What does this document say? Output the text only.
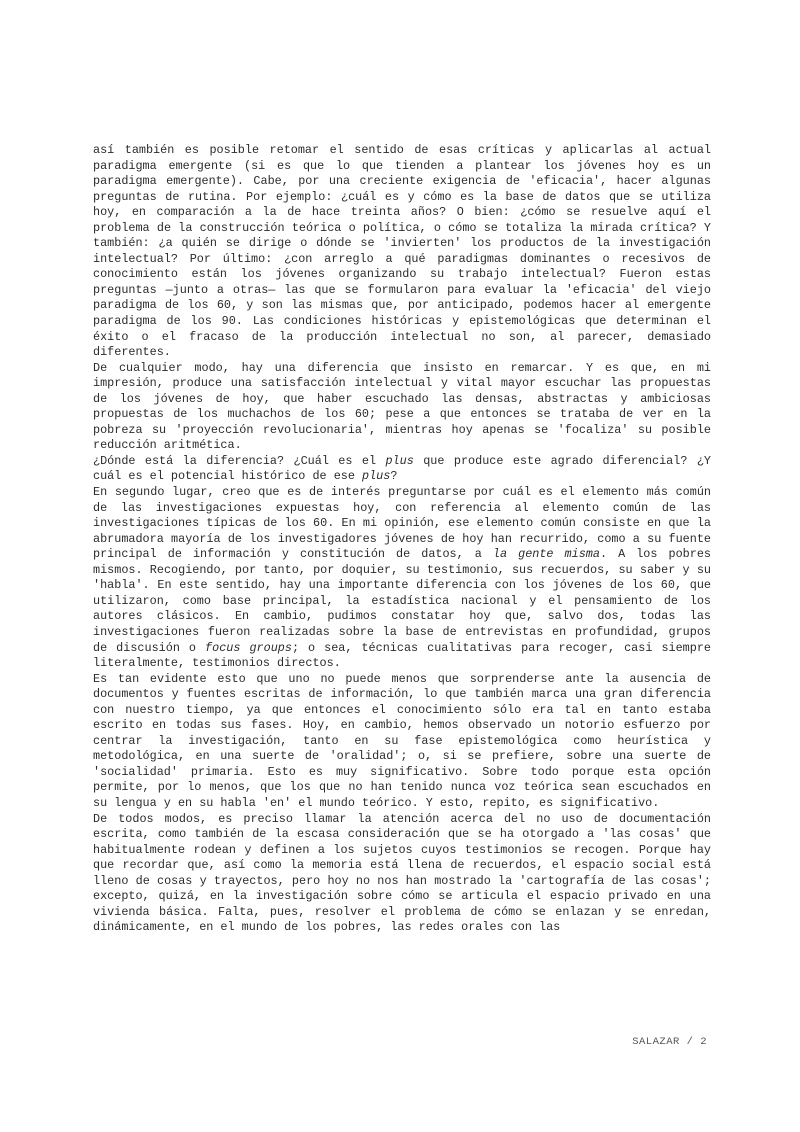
así también es posible retomar el sentido de esas críticas y aplicarlas al actual paradigma emergente (si es que lo que tienden a plantear los jóvenes hoy es un paradigma emergente). Cabe, por una creciente exigencia de 'eficacia', hacer algunas preguntas de rutina. Por ejemplo: ¿cuál es y cómo es la base de datos que se utiliza hoy, en comparación a la de hace treinta años? O bien: ¿cómo se resuelve aquí el problema de la construcción teórica o política, o cómo se totaliza la mirada crítica? Y también: ¿a quién se dirige o dónde se 'invierten' los productos de la investigación intelectual? Por último: ¿con arreglo a qué paradigmas dominantes o recesivos de conocimiento están los jóvenes organizando su trabajo intelectual? Fueron estas preguntas —junto a otras— las que se formularon para evaluar la 'eficacia' del viejo paradigma de los 60, y son las mismas que, por anticipado, podemos hacer al emergente paradigma de los 90. Las condiciones históricas y epistemológicas que determinan el éxito o el fracaso de la producción intelectual no son, al parecer, demasiado diferentes.

De cualquier modo, hay una diferencia que insisto en remarcar. Y es que, en mi impresión, produce una satisfacción intelectual y vital mayor escuchar las propuestas de los jóvenes de hoy, que haber escuchado las densas, abstractas y ambiciosas propuestas de los muchachos de los 60; pese a que entonces se trataba de ver en la pobreza su 'proyección revolucionaria', mientras hoy apenas se 'focaliza' su posible reducción aritmética.

¿Dónde está la diferencia? ¿Cuál es el plus que produce este agrado diferencial? ¿Y cuál es el potencial histórico de ese plus?

En segundo lugar, creo que es de interés preguntarse por cuál es el elemento más común de las investigaciones expuestas hoy, con referencia al elemento común de las investigaciones típicas de los 60. En mi opinión, ese elemento común consiste en que la abrumadora mayoría de los investigadores jóvenes de hoy han recurrido, como a su fuente principal de información y constitución de datos, a la gente misma. A los pobres mismos. Recogiendo, por tanto, por doquier, su testimonio, sus recuerdos, su saber y su 'habla'. En este sentido, hay una importante diferencia con los jóvenes de los 60, que utilizaron, como base principal, la estadística nacional y el pensamiento de los autores clásicos. En cambio, pudimos constatar hoy que, salvo dos, todas las investigaciones fueron realizadas sobre la base de entrevistas en profundidad, grupos de discusión o focus groups; o sea, técnicas cualitativas para recoger, casi siempre literalmente, testimonios directos.

Es tan evidente esto que uno no puede menos que sorprenderse ante la ausencia de documentos y fuentes escritas de información, lo que también marca una gran diferencia con nuestro tiempo, ya que entonces el conocimiento sólo era tal en tanto estaba escrito en todas sus fases. Hoy, en cambio, hemos observado un notorio esfuerzo por centrar la investigación, tanto en su fase epistemológica como heurística y metodológica, en una suerte de 'oralidad'; o, si se prefiere, sobre una suerte de 'socialidad' primaria. Esto es muy significativo. Sobre todo porque esta opción permite, por lo menos, que los que no han tenido nunca voz teórica sean escuchados en su lengua y en su habla 'en' el mundo teórico. Y esto, repito, es significativo.

De todos modos, es preciso llamar la atención acerca del no uso de documentación escrita, como también de la escasa consideración que se ha otorgado a 'las cosas' que habitualmente rodean y definen a los sujetos cuyos testimonios se recogen. Porque hay que recordar que, así como la memoria está llena de recuerdos, el espacio social está lleno de cosas y trayectos, pero hoy no nos han mostrado la 'cartografía de las cosas'; excepto, quizá, en la investigación sobre cómo se articula el espacio privado en una vivienda básica. Falta, pues, resolver el problema de cómo se enlazan y se enredan, dinámicamente, en el mundo de los pobres, las redes orales con las

SALAZAR / 2
